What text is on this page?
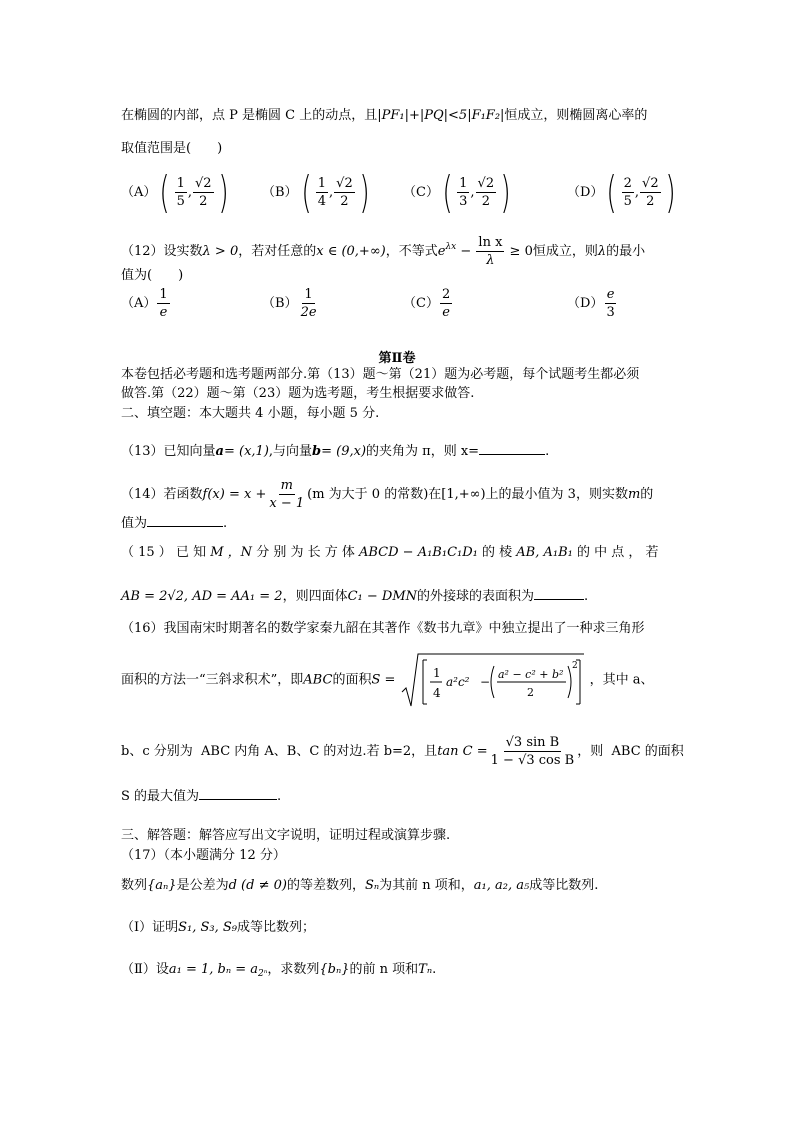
在椭圆的内部，点 P 是椭圆 C 上的动点，且|PF₁|+|PQ|<5|F₁F₂|恒成立，则椭圆离心率的
取值范围是(　　)
$(A)( \frac{1}{5}$ , $\frac{√2}{2}$ )	$(B)( \frac{1}{4}$ , $\frac{√2}{2}$ )	$(C)( \frac{1}{3}$ , $\frac{√2}{2}$ )	$(D)( \frac{2}{5}$ , $\frac{√2}{2}$ )
（12）设实数λ > 0，若对任意的x ∈ (0,+∞)，不等式$e^{\lambda x} - \frac{\text{ln x}}{\lambda} \ge 0$恒成立，则λ的最小
值为(　　)
$(A) \frac{1}{e}$	$(B) \frac{1}{2e}$	$(C) \frac{2}{e}$	$(D) \frac{e}{3}$
第Ⅱ卷
本卷包括必考题和选考题两部分.第（13）题～第（21）题为必考题，每个试题考生都必须
做答.第（22）题～第（23）题为选考题，考生根据要求做答.
二、填空题：本大题共 4 小题，每小题 5 分.
（13）已知向量a= (x,1),与向量b= (9,x)的夹角为 π，则 x=	.
（14）若函数$f(x) = x + \frac{m}{x - 1} (m$ 为大于 0 的常数)在[1,+∞)上的最小值为 3，则实数m的
值为	.
（ 15 ） 已 知 M ，N 分 别 为 长 方 体 ABCD − A₁B₁C₁D₁ 的 棱 AB, A₁B₁ 的 中 点 ， 若
AB = 2√2, AD = AA₁ = 2，则四面体C₁ − DMN的外接球的表面积为	.
（16）我国南宋时期著名的数学家秦九韶在其著作《数书九章》中独立提出了一种求三角形
面积的方法一“三斜求积术”，即ABC的面积S =	1
4
a²c² −
a² − c² + b²
2
2
，其中 a、
b、c 分别为 ABC 内角 A、B、C 的对边.若 b=2，且$\tan C = \frac{\text{√3 sin B}}{\text{1 − √3 cos B}}$ ，则 ABC 的面积
S 的最大值为	.
三、解答题：解答应写出文字说明，证明过程或演算步骤.
（17）（本小题满分 12 分）
数列{aₙ}是公差为d (d ≠ 0)的等差数列，Sₙ为其前 n 项和，a₁, a₂, a₅成等比数列.
（Ⅰ）证明S₁, S₃, S₉成等比数列；
（Ⅱ）设a₁ = 1, $b_n = a_{2^n}$，求数列{bₙ}的前 n 项和Tₙ.
